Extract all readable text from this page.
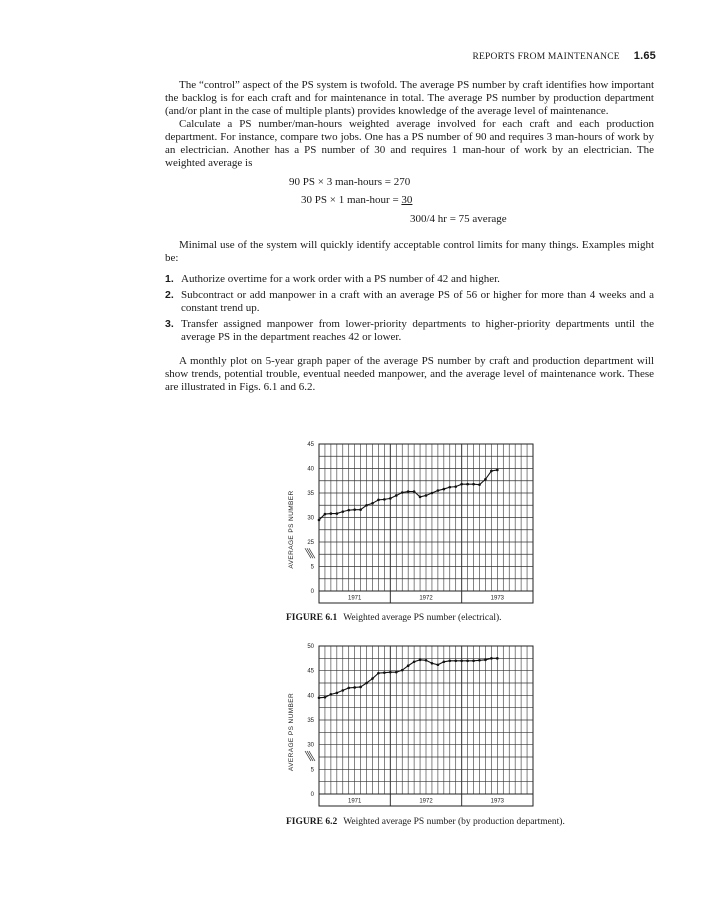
REPORTS FROM MAINTENANCE 1.65

The “control” aspect of the PS system is twofold. The average PS number by craft identifies how important the backlog is for each craft and for maintenance in total. The average PS number by production department (and/or plant in the case of multiple plants) provides knowledge of the average level of maintenance.

Calculate a PS number/man-hours weighted average involved for each craft and each production department. For instance, compare two jobs. One has a PS number of 90 and requires 3 man-hours of work by an electrician. Another has a PS number of 30 and requires 1 man-hour of work by an electrician. The weighted average is

90 PS × 3 man-hours = 270
30 PS × 1 man-hour = 30
300/4 hr = 75 average

Minimal use of the system will quickly identify acceptable control limits for many things. Examples might be:

1. Authorize overtime for a work order with a PS number of 42 and higher.
2. Subcontract or add manpower in a craft with an average PS of 56 or higher for more than 4 weeks and a constant trend up.
3. Transfer assigned manpower from lower-priority departments to higher-priority departments until the average PS in the department reaches 42 or lower.

A monthly plot on 5-year graph paper of the average PS number by craft and production department will show trends, potential trouble, eventual needed manpower, and the average level of maintenance work. These are illustrated in Figs. 6.1 and 6.2.

1971	1972	1973
45
40
35
30
25
5
0
AVERAGE PS NUMBER
FIGURE 6.1 Weighted average PS number (electrical).
1971	1972	1973
50
45
40
35
30
5
0
AVERAGE PS NUMBER
FIGURE 6.2 Weighted average PS number (by production department).
